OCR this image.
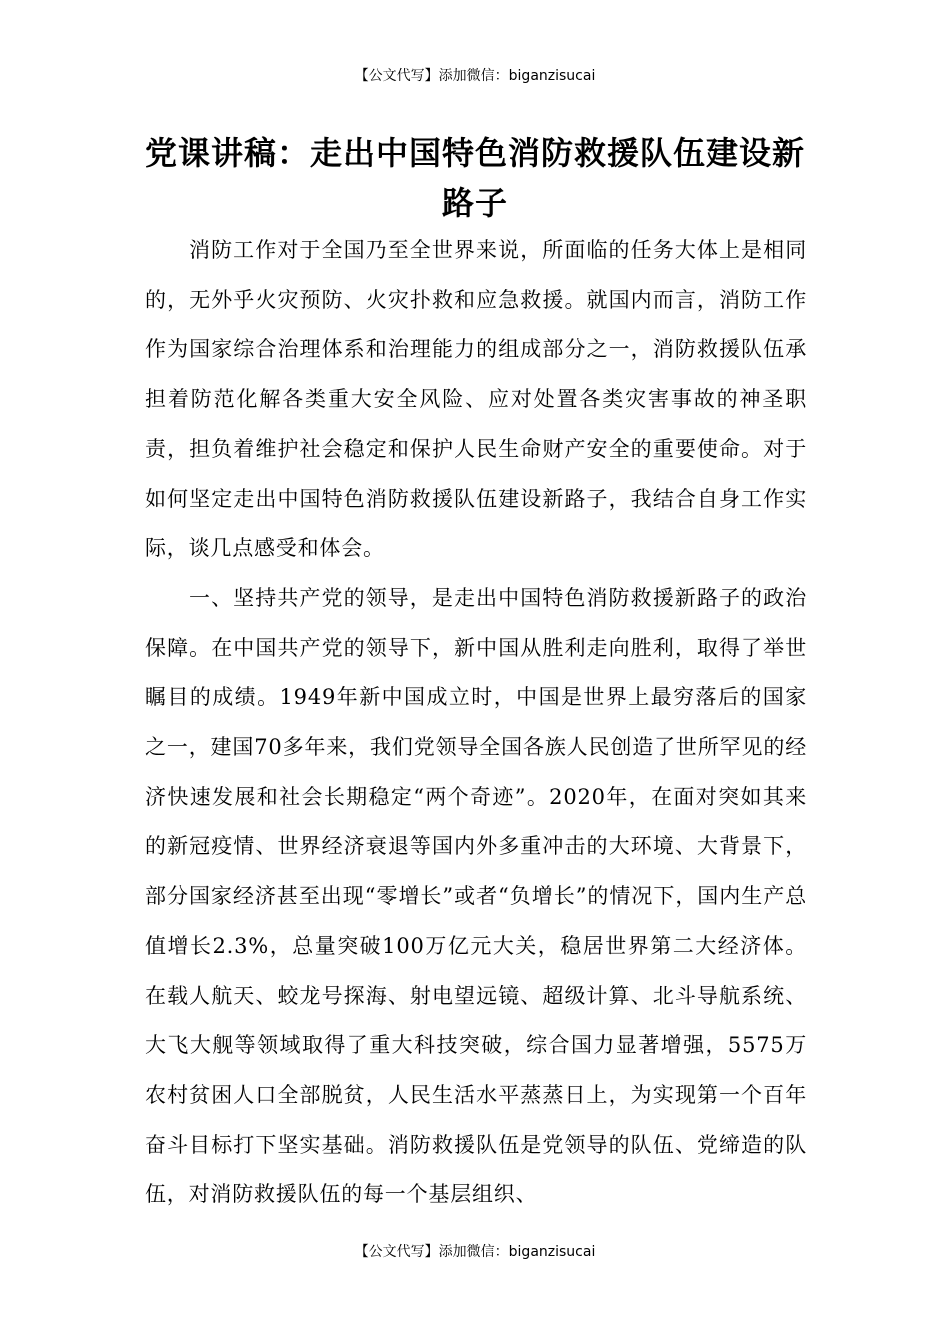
【公文代写】添加微信：biganzisucai
党课讲稿：走出中国特色消防救援队伍建设新路子

消防工作对于全国乃至全世界来说，所面临的任务大体上是相同的，无外乎火灾预防、火灾扑救和应急救援。就国内而言，消防工作作为国家综合治理体系和治理能力的组成部分之一，消防救援队伍承担着防范化解各类重大安全风险、应对处置各类灾害事故的神圣职责，担负着维护社会稳定和保护人民生命财产安全的重要使命。对于如何坚定走出中国特色消防救援队伍建设新路子，我结合自身工作实际，谈几点感受和体会。

一、坚持共产党的领导，是走出中国特色消防救援新路子的政治保障。在中国共产党的领导下，新中国从胜利走向胜利，取得了举世瞩目的成绩。1949年新中国成立时，中国是世界上最穷落后的国家之一，建国70多年来，我们党领导全国各族人民创造了世所罕见的经济快速发展和社会长期稳定“两个奇迹”。2020年，在面对突如其来的新冠疫情、世界经济衰退等国内外多重冲击的大环境、大背景下，部分国家经济甚至出现“零增长”或者“负增长”的情况下，国内生产总值增长2.3%，总量突破100万亿元大关，稳居世界第二大经济体。在载人航天、蛟龙号探海、射电望远镜、超级计算、北斗导航系统、大飞大舰等领域取得了重大科技突破，综合国力显著增强，5575万农村贫困人口全部脱贫，人民生活水平蒸蒸日上，为实现第一个百年奋斗目标打下坚实基础。消防救援队伍是党领导的队伍、党缔造的队伍，对消防救援队伍的每一个基层组织、

【公文代写】添加微信：biganzisucai
